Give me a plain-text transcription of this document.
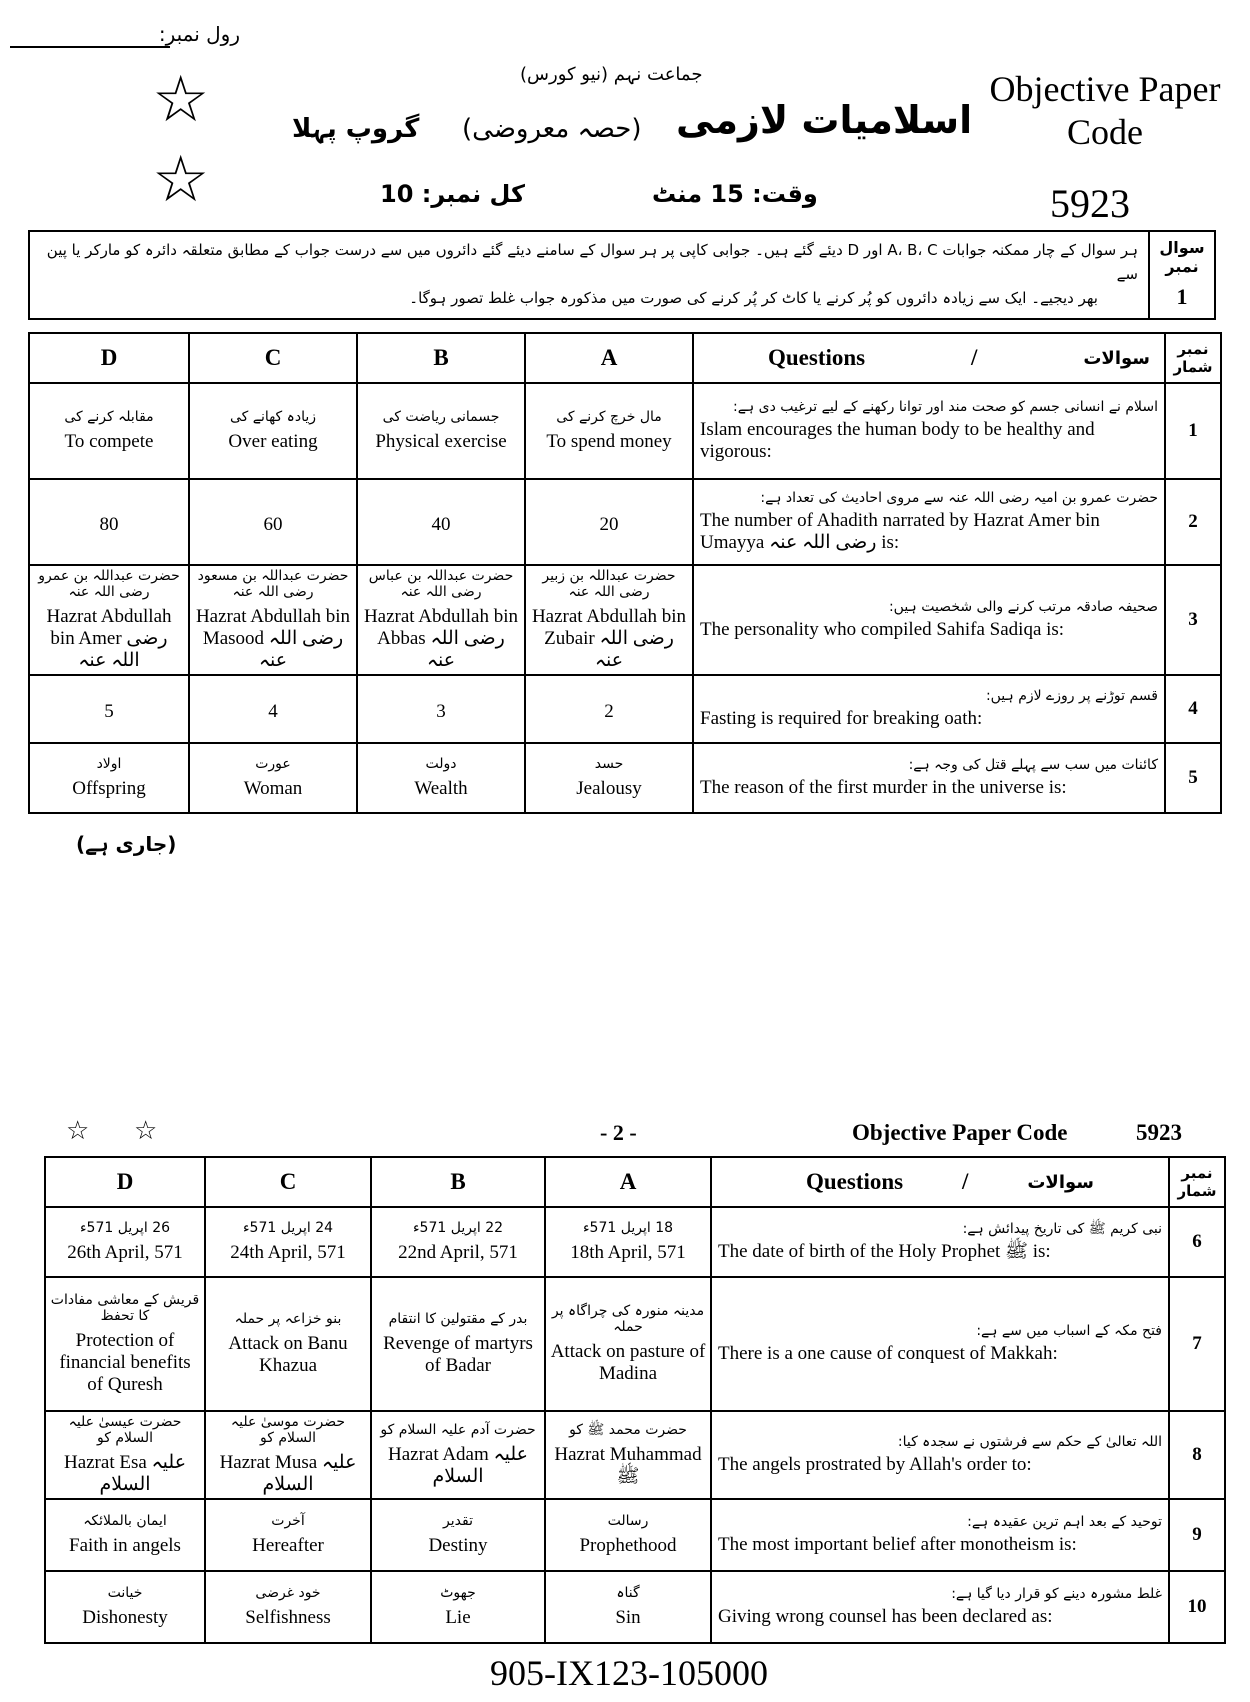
رول نمبر:
☆
☆
جماعت نہم (نیو کورس)
اسلامیات لازمی
(حصہ معروضی)
گروپ پہلا
وقت: 15 منٹ
کل نمبر: 10
Objective Paper Code
5923
ہر سوال کے چار ممکنہ جوابات A، B، C اور D دیئے گئے ہیں۔ جوابی کاپی پر ہر سوال کے سامنے دیئے گئے دائروں میں سے درست جواب کے مطابق متعلقہ دائرہ کو مارکر یا پین سے
بھر دیجیے۔ ایک سے زیادہ دائروں کو پُر کرنے یا کاٹ کر پُر کرنے کی صورت میں مذکورہ جواب غلط تصور ہوگا۔
سوال نمبر
1
D	C	B	A	سوالات
/
Questions	نمبر شمار

مقابلہ کرنے کی
To compete	زیادہ کھانے کی
Over eating	جسمانی ریاضت کی
Physical exercise	مال خرچ کرنے کی
To spend money	اسلام نے انسانی جسم کو صحت مند اور توانا رکھنے کے لیے ترغیب دی ہے:
Islam encourages the human body to be healthy and vigorous:	1

80	60	40	20	حضرت عمرو بن امیہ رضی اللہ عنہ سے مروی احادیث کی تعداد ہے:
The number of Ahadith narrated by Hazrat Amer bin Umayya رضی اللہ عنہ is:	2

حضرت عبداللہ بن عمرو رضی اللہ عنہ
Hazrat Abdullah bin Amer رضی اللہ عنہ	حضرت عبداللہ بن مسعود رضی اللہ عنہ
Hazrat Abdullah bin Masood رضی اللہ عنہ	حضرت عبداللہ بن عباس رضی اللہ عنہ
Hazrat Abdullah bin Abbas رضی اللہ عنہ	حضرت عبداللہ بن زبیر رضی اللہ عنہ
Hazrat Abdullah bin Zubair رضی اللہ عنہ	صحیفہ صادقہ مرتب کرنے والی شخصیت ہیں:
The personality who compiled Sahifa Sadiqa is:	3

5	4	3	2	قسم توڑنے پر روزے لازم ہیں:
Fasting is required for breaking oath:	4

اولاد
Offspring	عورت
Woman	دولت
Wealth	حسد
Jealousy	کائنات میں سب سے پہلے قتل کی وجہ ہے:
The reason of the first murder in the universe is:	5
(جاری ہے)
☆ ☆	- 2 -	Objective Paper Code	5923
D	C	B	A	سوالات
/
Questions	نمبر شمار

26 اپریل 571ء
26th April, 571	24 اپریل 571ء
24th April, 571	22 اپریل 571ء
22nd April, 571	18 اپریل 571ء
18th April, 571	نبی کریم ﷺ کی تاریخ پیدائش ہے:
The date of birth of the Holy Prophet ﷺ is:	6

قریش کے معاشی مفادات کا تحفظ
Protection of financial benefits of Quresh	بنو خزاعہ پر حملہ
Attack on Banu Khazua	بدر کے مقتولین کا انتقام
Revenge of martyrs of Badar	مدینہ منورہ کی چراگاہ پر حملہ
Attack on pasture of Madina	فتح مکہ کے اسباب میں سے ہے:
There is a one cause of conquest of Makkah:	7

حضرت عیسیٰ علیہ السلام کو
Hazrat Esa علیہ السلام	حضرت موسیٰ علیہ السلام کو
Hazrat Musa علیہ السلام	حضرت آدم علیہ السلام کو
Hazrat Adam علیہ السلام	حضرت محمد ﷺ کو
Hazrat Muhammad ﷺ	اللہ تعالیٰ کے حکم سے فرشتوں نے سجدہ کیا:
The angels prostrated by Allah's order to:	8

ایمان بالملائکہ
Faith in angels	آخرت
Hereafter	تقدیر
Destiny	رسالت
Prophethood	توحید کے بعد اہم ترین عقیدہ ہے:
The most important belief after monotheism is:	9

خیانت
Dishonesty	خود غرضی
Selfishness	جھوٹ
Lie	گناہ
Sin	غلط مشورہ دینے کو قرار دیا گیا ہے:
Giving wrong counsel has been declared as:	10
905-IX123-105000
